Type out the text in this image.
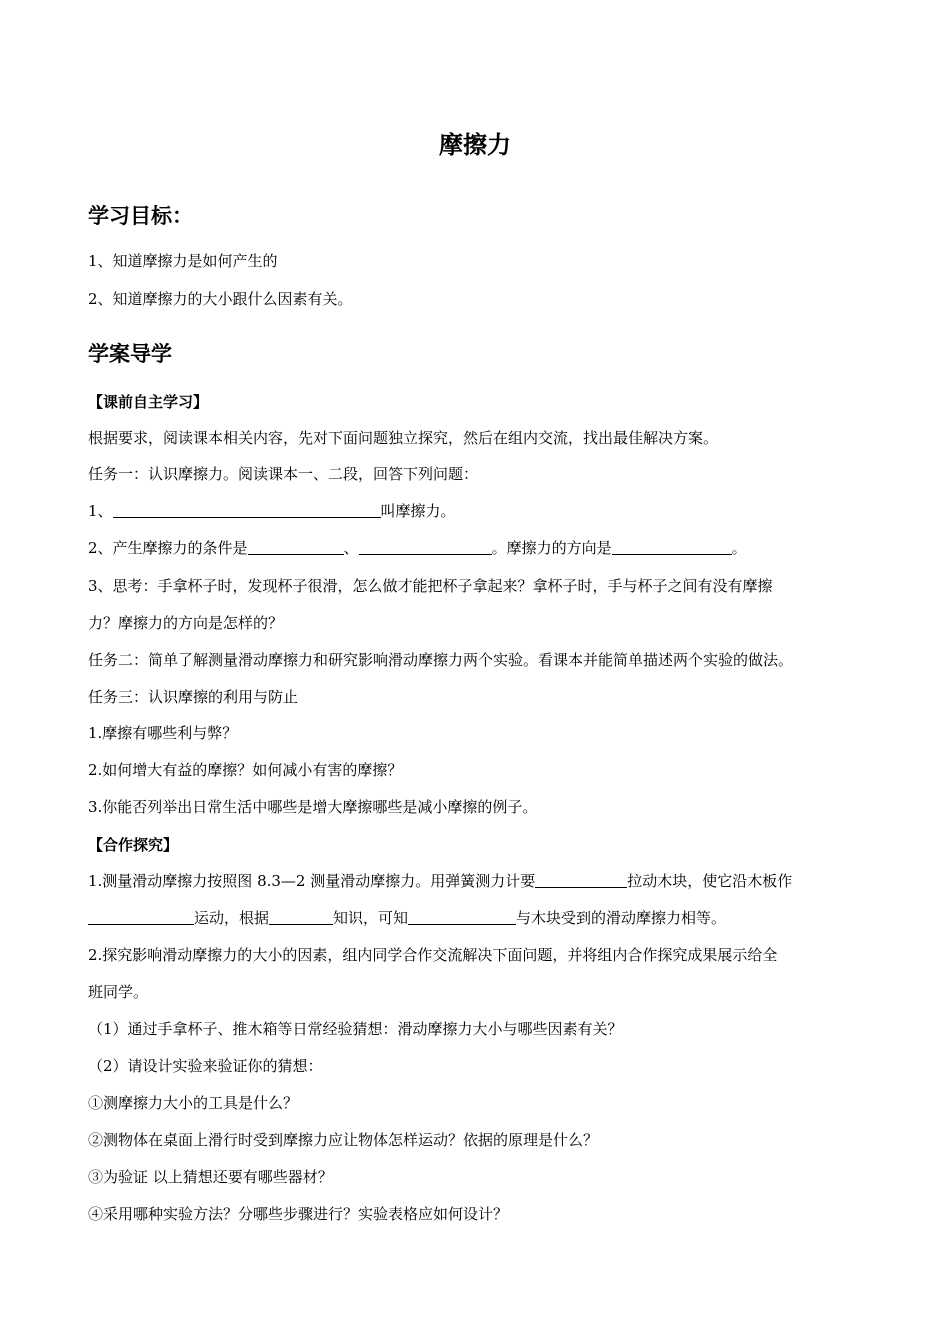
摩擦力
学习目标：
1、知道摩擦力是如何产生的
2、知道摩擦力的大小跟什么因素有关。
学案导学
【课前自主学习】
根据要求，阅读课本相关内容，先对下面问题独立探究，然后在组内交流，找出最佳解决方案。
任务一：认识摩擦力。阅读课本一、二段，回答下列问题：
1、	叫摩擦力。
2、产生摩擦力的条件是	、	。摩擦力的方向是	。
3、思考：手拿杯子时，发现杯子很滑，怎么做才能把杯子拿起来？拿杯子时，手与杯子之间有没有摩擦
力？摩擦力的方向是怎样的？
任务二：简单了解测量滑动摩擦力和研究影响滑动摩擦力两个实验。看课本并能简单描述两个实验的做法。
任务三：认识摩擦的利用与防止
1.摩擦有哪些利与弊？
2.如何增大有益的摩擦？如何减小有害的摩擦？
3.你能否列举出日常生活中哪些是增大摩擦哪些是减小摩擦的例子。
【合作探究】
1.测量滑动摩擦力按照图 8.3—2 测量滑动摩擦力。用弹簧测力计要	拉动木块，使它沿木板作
运动，根据	知识，可知	与木块受到的滑动摩擦力相等。
2.探究影响滑动摩擦力的大小的因素，组内同学合作交流解决下面问题，并将组内合作探究成果展示给全
班同学。
（1）通过手拿杯子、推木箱等日常经验猜想：滑动摩擦力大小与哪些因素有关？
（2）请设计实验来验证你的猜想：
①测摩擦力大小的工具是什么？
②测物体在桌面上滑行时受到摩擦力应让物体怎样运动？依据的原理是什么？
③为验证 以上猜想还要有哪些器材？
④采用哪种实验方法？分哪些步骤进行？实验表格应如何设计？
